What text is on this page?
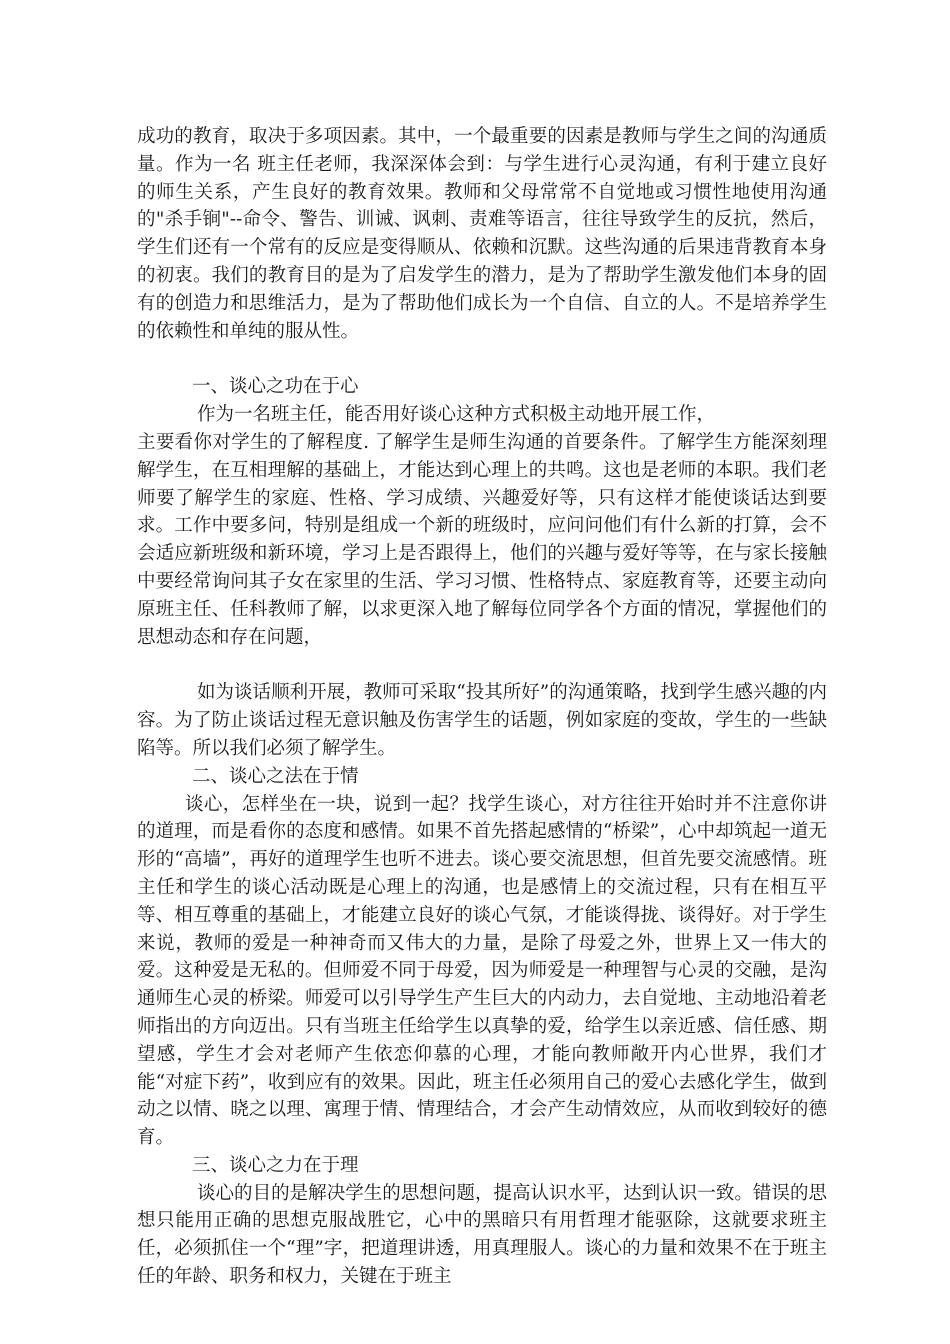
成功的教育，取决于多项因素。其中，一个最重要的因素是教师与学生之间的沟通质量。作为一名 班主任老师，我深深体会到：与学生进行心灵沟通，有利于建立良好的师生关系，产生良好的教育效果。教师和父母常常不自觉地或习惯性地使用沟通的"杀手锏"--命令、警告、训诫、讽刺、责难等语言，往往导致学生的反抗，然后，学生们还有一个常有的反应是变得顺从、依赖和沉默。这些沟通的后果违背教育本身的初衷。我们的教育目的是为了启发学生的潜力，是为了帮助学生激发他们本身的固有的创造力和思维活力，是为了帮助他们成长为一个自信、自立的人。不是培养学生的依赖性和单纯的服从性。

一、谈心之功在于心

作为一名班主任，能否用好谈心这种方式积极主动地开展工作，
主要看你对学生的了解程度. 了解学生是师生沟通的首要条件。了解学生方能深刻理解学生，在互相理解的基础上，才能达到心理上的共鸣。这也是老师的本职。我们老师要了解学生的家庭、性格、学习成绩、兴趣爱好等，只有这样才能使谈话达到要求。工作中要多问，特别是组成一个新的班级时，应问问他们有什么新的打算，会不会适应新班级和新环境，学习上是否跟得上，他们的兴趣与爱好等等，在与家长接触中要经常询问其子女在家里的生活、学习习惯、性格特点、家庭教育等，还要主动向原班主任、任科教师了解，以求更深入地了解每位同学各个方面的情况，掌握他们的思想动态和存在问题，

如为谈话顺利开展，教师可采取“投其所好”的沟通策略，找到学生感兴趣的内容。为了防止谈话过程无意识触及伤害学生的话题，例如家庭的变故，学生的一些缺陷等。所以我们必须了解学生。

二、谈心之法在于情

谈心，怎样坐在一块，说到一起？找学生谈心，对方往往开始时并不注意你讲的道理，而是看你的态度和感情。如果不首先搭起感情的“桥梁”，心中却筑起一道无形的“高墙”，再好的道理学生也听不进去。谈心要交流思想，但首先要交流感情。班主任和学生的谈心活动既是心理上的沟通，也是感情上的交流过程，只有在相互平等、相互尊重的基础上，才能建立良好的谈心气氛，才能谈得拢、谈得好。对于学生来说，教师的爱是一种神奇而又伟大的力量，是除了母爱之外，世界上又一伟大的爱。这种爱是无私的。但师爱不同于母爱，因为师爱是一种理智与心灵的交融，是沟通师生心灵的桥梁。师爱可以引导学生产生巨大的内动力，去自觉地、主动地沿着老师指出的方向迈出。只有当班主任给学生以真挚的爱，给学生以亲近感、信任感、期望感，学生才会对老师产生依恋仰慕的心理，才能向教师敞开内心世界，我们才能“对症下药”，收到应有的效果。因此，班主任必须用自己的爱心去感化学生，做到动之以情、晓之以理、寓理于情、情理结合，才会产生动情效应，从而收到较好的德育。

三、谈心之力在于理

谈心的目的是解决学生的思想问题，提高认识水平，达到认识一致。错误的思想只能用正确的思想克服战胜它，心中的黑暗只有用哲理才能驱除，这就要求班主任，必须抓住一个“理”字，把道理讲透，用真理服人。谈心的力量和效果不在于班主任的年龄、职务和权力，关键在于班主
